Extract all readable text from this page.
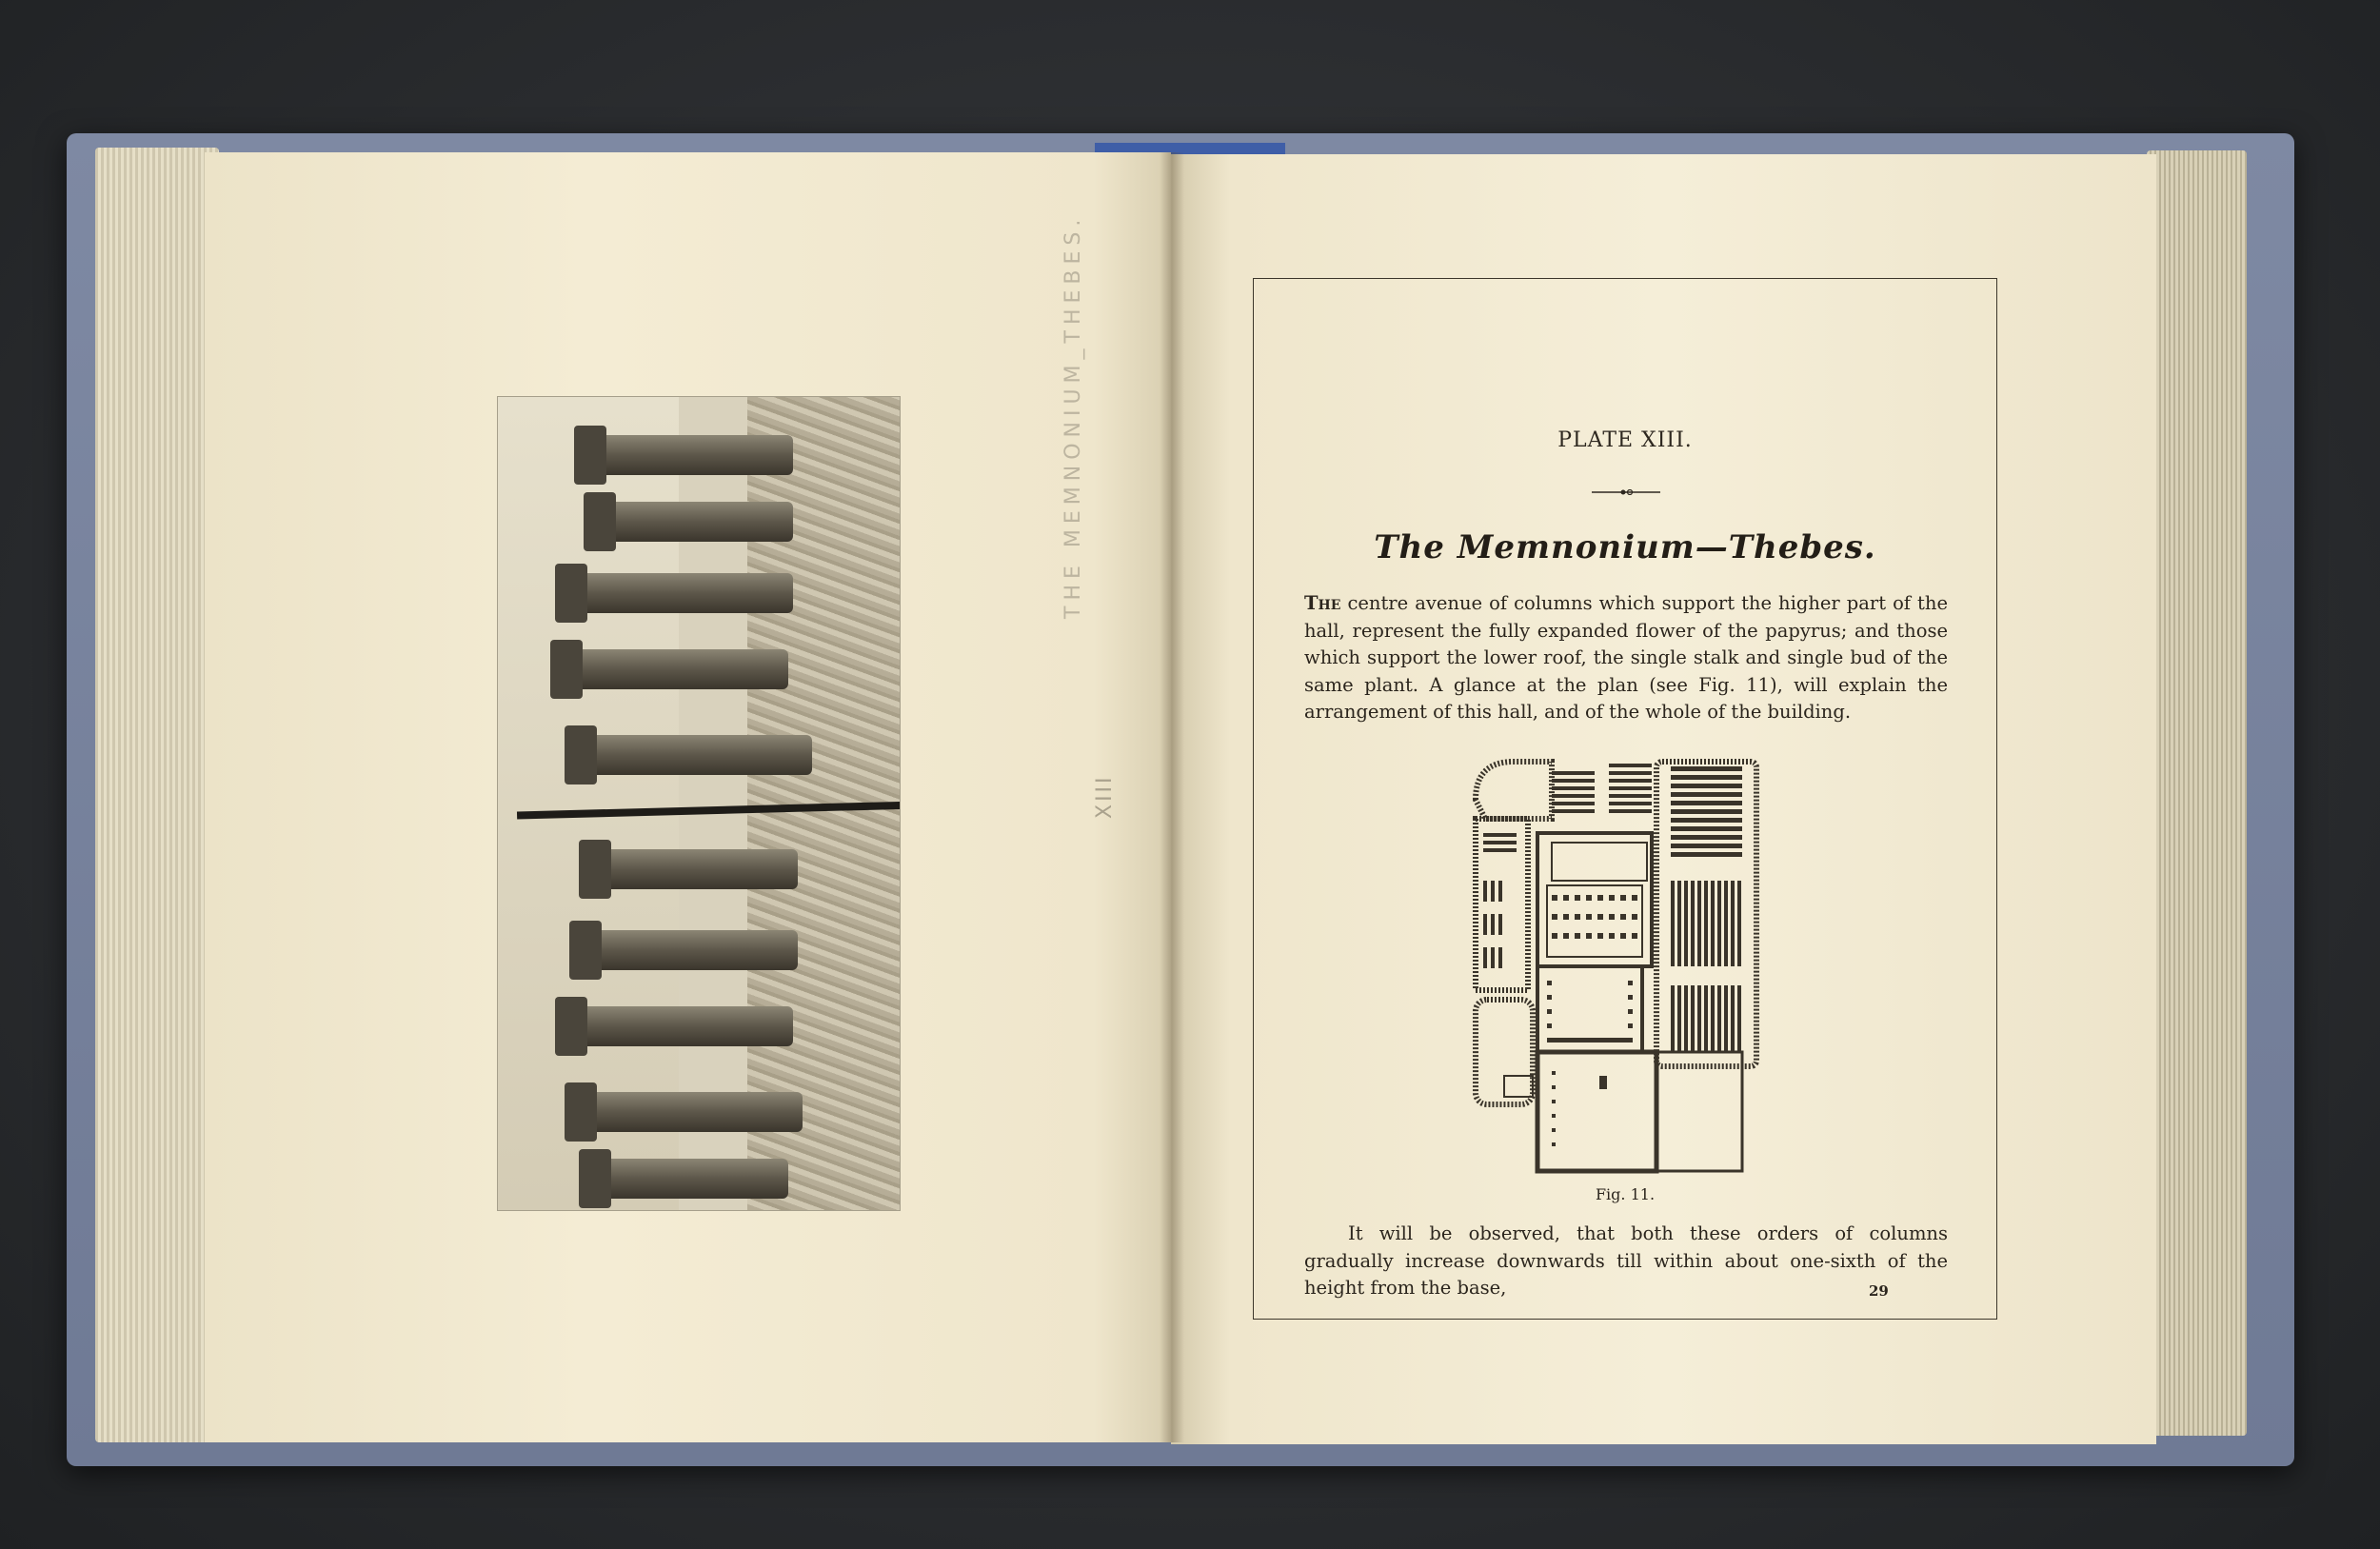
THE MEMNONIUM_THEBES.
XIII
PLATE XIII.
The Memnonium—Thebes.
The centre avenue of columns which support the higher part of the hall, represent the fully expanded flower of the papyrus; and those which support the lower roof, the single stalk and single bud of the same plant. A glance at the plan (see Fig. 11), will explain the arrangement of this hall, and of the whole of the building.
Fig. 11.
It will be observed, that both these orders of columns gradually increase downwards till within about one-sixth of the height from the base,	29
